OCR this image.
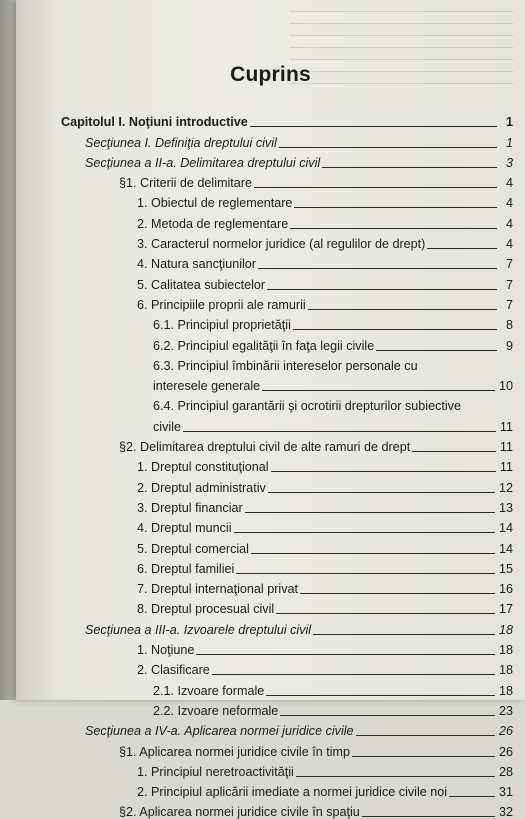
Cuprins
Capitolul I. Noţiuni introductive	1
Secţiunea I. Definiţia dreptului civil	1
Secţiunea a II-a. Delimitarea dreptului civil	3
§1. Criterii de delimitare	4
1. Obiectul de reglementare	4
2. Metoda de reglementare	4
3. Caracterul normelor juridice (al regulilor de drept)	4
4. Natura sancţiunilor	7
5. Calitatea subiectelor	7
6. Principiile proprii ale ramurii	7
6.1. Principiul proprietăţii	8
6.2. Principiul egalităţii în faţa legii civile	9
6.3. Principiul îmbinării intereselor personale cu
interesele generale	10
6.4. Principiul garantării şi ocrotirii drepturilor subiective
civile	11
§2. Delimitarea dreptului civil de alte ramuri de drept	11
1. Dreptul constituţional	11
2. Dreptul administrativ	12
3. Dreptul financiar	13
4. Dreptul muncii	14
5. Dreptul comercial	14
6. Dreptul familiei	15
7. Dreptul internaţional privat	16
8. Dreptul procesual civil	17
Secţiunea a III-a. Izvoarele dreptului civil	18
1. Noţiune	18
2. Clasificare	18
2.1. Izvoare formale	18
2.2. Izvoare neformale	23
Secţiunea a IV-a. Aplicarea normei juridice civile	26
§1. Aplicarea normei juridice civile în timp	26
1. Principiul neretroactivităţii	28
2. Principiul aplicării imediate a normei juridice civile noi	31
§2. Aplicarea normei juridice civile în spaţiu	32
